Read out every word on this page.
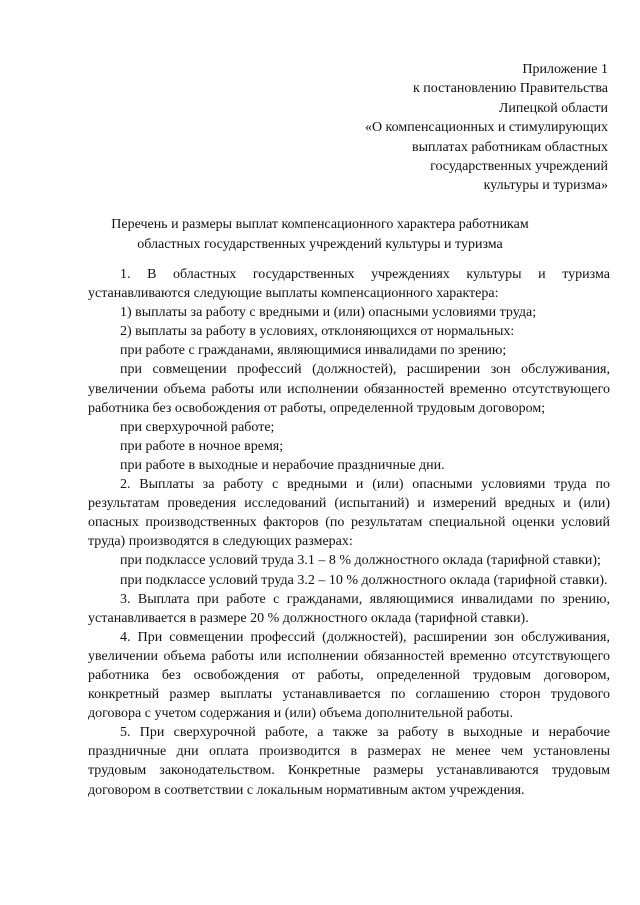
Приложение 1
к постановлению Правительства
Липецкой области
«О компенсационных и стимулирующих
выплатах работникам областных
государственных учреждений
культуры и туризма»
Перечень и размеры выплат компенсационного характера работникам
областных государственных учреждений культуры и туризма

1. В областных государственных учреждениях культуры и туризма устанавливаются следующие выплаты компенсационного характера:

1) выплаты за работу с вредными и (или) опасными условиями труда;

2) выплаты за работу в условиях, отклоняющихся от нормальных:

при работе с гражданами, являющимися инвалидами по зрению;

при совмещении профессий (должностей), расширении зон обслуживания, увеличении объема работы или исполнении обязанностей временно отсутствующего работника без освобождения от работы, определенной трудовым договором;

при сверхурочной работе;

при работе в ночное время;

при работе в выходные и нерабочие праздничные дни.

2. Выплаты за работу с вредными и (или) опасными условиями труда по результатам проведения исследований (испытаний) и измерений вредных и (или) опасных производственных факторов (по результатам специальной оценки условий труда) производятся в следующих размерах:

при подклассе условий труда 3.1 – 8 % должностного оклада (тарифной ставки);

при подклассе условий труда 3.2 – 10 % должностного оклада (тарифной ставки).

3. Выплата при работе с гражданами, являющимися инвалидами по зрению, устанавливается в размере 20 % должностного оклада (тарифной ставки).

4. При совмещении профессий (должностей), расширении зон обслуживания, увеличении объема работы или исполнении обязанностей временно отсутствующего работника без освобождения от работы, определенной трудовым договором, конкретный размер выплаты устанавливается по соглашению сторон трудового договора с учетом содержания и (или) объема дополнительной работы.

5. При сверхурочной работе, а также за работу в выходные и нерабочие праздничные дни оплата производится в размерах не менее чем установлены трудовым законодательством. Конкретные размеры устанавливаются трудовым договором в соответствии с локальным нормативным актом учреждения.
